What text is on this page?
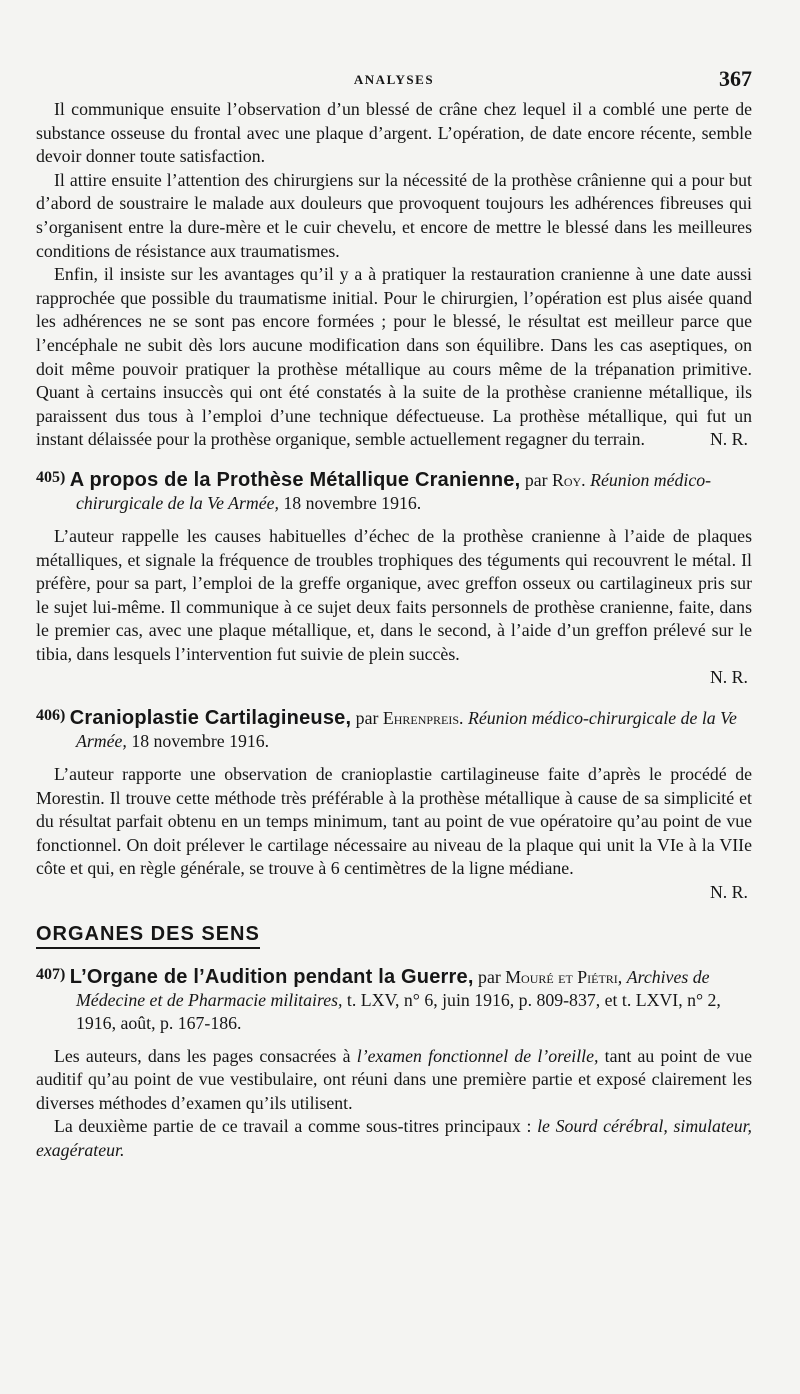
ANALYSES	367

Il communique ensuite l’observation d’un blessé de crâne chez lequel il a comblé une perte de substance osseuse du frontal avec une plaque d’argent. L’opération, de date encore récente, semble devoir donner toute satisfaction.

Il attire ensuite l’attention des chirurgiens sur la nécessité de la prothèse crânienne qui a pour but d’abord de soustraire le malade aux douleurs que provoquent toujours les adhérences fibreuses qui s’organisent entre la dure-mère et le cuir chevelu, et encore de mettre le blessé dans les meilleures conditions de résistance aux traumatismes.

Enfin, il insiste sur les avantages qu’il y a à pratiquer la restauration cranienne à une date aussi rapprochée que possible du traumatisme initial. Pour le chirurgien, l’opération est plus aisée quand les adhérences ne se sont pas encore formées ; pour le blessé, le résultat est meilleur parce que l’encéphale ne subit dès lors aucune modification dans son équilibre. Dans les cas aseptiques, on doit même pouvoir pratiquer la prothèse métallique au cours même de la trépanation primitive. Quant à certains insuccès qui ont été constatés à la suite de la prothèse cranienne métallique, ils paraissent dus tous à l’emploi d’une technique défectueuse. La prothèse métallique, qui fut un instant délaissée pour la prothèse organique, semble actuellement regagner du terrain.	N. R.

405) A propos de la Prothèse Métallique Cranienne, par Roy. Réunion médico-chirurgicale de la Ve Armée, 18 novembre 1916.

L’auteur rappelle les causes habituelles d’échec de la prothèse cranienne à l’aide de plaques métalliques, et signale la fréquence de troubles trophiques des téguments qui recouvrent le métal. Il préfère, pour sa part, l’emploi de la greffe organique, avec greffon osseux ou cartilagineux pris sur le sujet lui-même. Il communique à ce sujet deux faits personnels de prothèse cranienne, faite, dans le premier cas, avec une plaque métallique, et, dans le second, à l’aide d’un greffon prélevé sur le tibia, dans lesquels l’intervention fut suivie de plein succès.

N. R.
406) Cranioplastie Cartilagineuse, par Ehrenpreis. Réunion médico-chirurgicale de la Ve Armée, 18 novembre 1916.

L’auteur rapporte une observation de cranioplastie cartilagineuse faite d’après le procédé de Morestin. Il trouve cette méthode très préférable à la prothèse métallique à cause de sa simplicité et du résultat parfait obtenu en un temps minimum, tant au point de vue opératoire qu’au point de vue fonctionnel. On doit prélever le cartilage nécessaire au niveau de la plaque qui unit la VIe à la VIIe côte et qui, en règle générale, se trouve à 6 centimètres de la ligne médiane.

N. R.
ORGANES DES SENS
407) L’Organe de l’Audition pendant la Guerre, par Mouré et Piétri, Archives de Médecine et de Pharmacie militaires, t. LXV, n° 6, juin 1916, p. 809-837, et t. LXVI, n° 2, 1916, août, p. 167-186.

Les auteurs, dans les pages consacrées à l’examen fonctionnel de l’oreille, tant au point de vue auditif qu’au point de vue vestibulaire, ont réuni dans une première partie et exposé clairement les diverses méthodes d’examen qu’ils utilisent.

La deuxième partie de ce travail a comme sous-titres principaux : le Sourd cérébral, simulateur, exagérateur.
